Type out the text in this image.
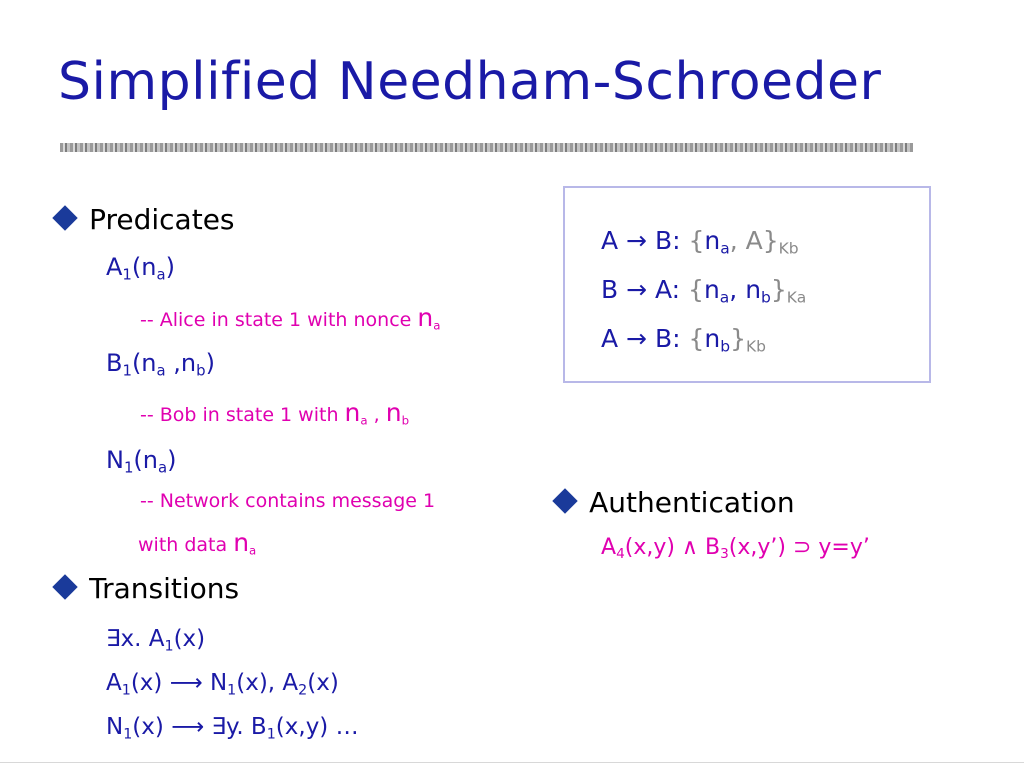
Simplified Needham-Schroeder
Predicates
$A_1(n_a)$
-- Alice in state 1 with nonce $n_a$
$B_1(n_a$ $,n_b$)
-- Bob in state 1 with $n_a$ , $n_b$
$N_1(n_a)$
-- Network contains message 1
with data $n_a$
Transitions
∃x. $A_1(x)$
$A_1(x)$ ⟶ $N_1(x)$, $A_2(x)$
$N_1(x)$ ⟶ ∃y. $B_1(x,y)$ …
A → B: {$n_a$, $A\}_{Kb}$
B → A: {$n_a$, $n_b\}_{Ka}$
A → B: $\{n_b\}_{Kb}$
Authentication
$A_4(x,y)$ ∧ $B_3(x,y’)$ ⊃ y=y’
